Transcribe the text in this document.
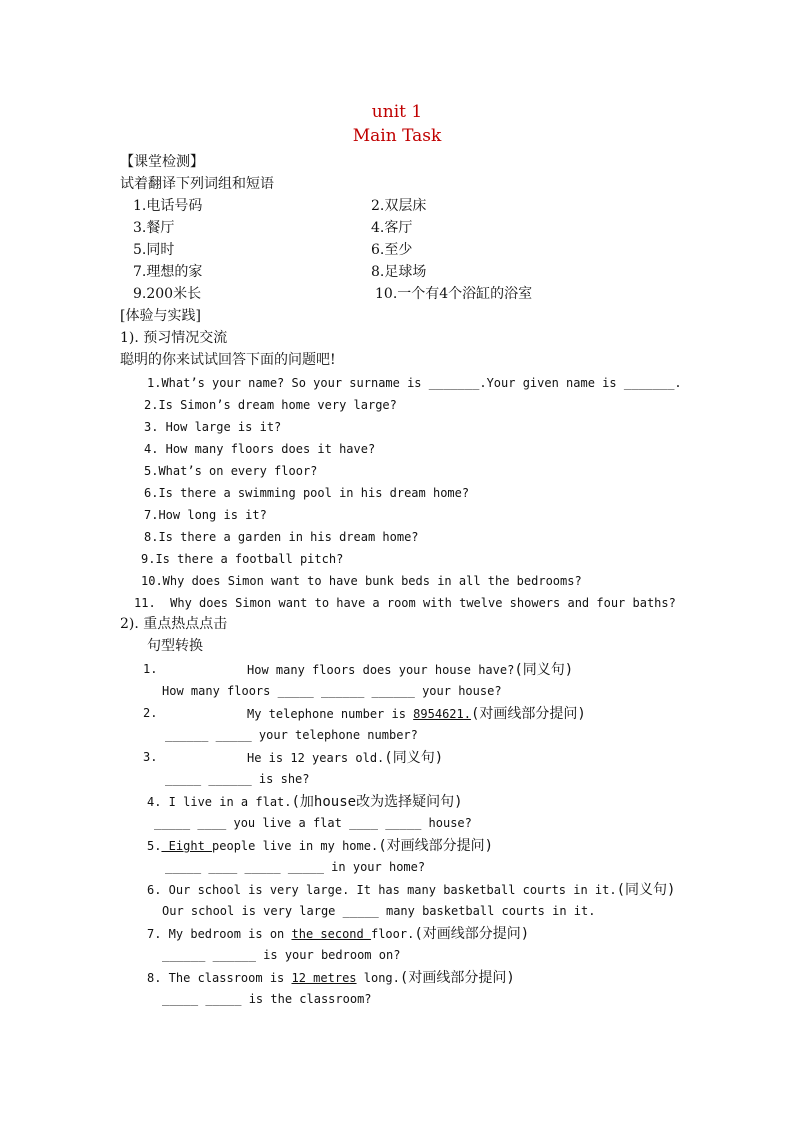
unit 1
Main Task
【课堂检测】
试着翻译下列词组和短语
1.电话号码	2.双层床
3.餐厅	4.客厅
5.同时	6.至少
7.理想的家	8.足球场
9.200米长	10.一个有4个浴缸的浴室
[体验与实践]
1). 预习情况交流
聪明的你来试试回答下面的问题吧!
1.What’s your name? So your surname is _______.Your given name is _______.
2.Is Simon’s dream home very large?
3. How large is it?
4. How many floors does it have?
5.What’s on every floor?
6.Is there a swimming pool in his dream home?
7.How long is it?
8.Is there a garden in his dream home?
9.Is there a football pitch?
10.Why does Simon want to have bunk beds in all the bedrooms?
11.  Why does Simon want to have a room with twelve showers and four baths?
2). 重点热点点击
句型转换
1.	How many floors does your house have?(同义句)
How many floors _____ ______ ______ your house?
2.	My telephone number is 8954621.(对画线部分提问)
______ _____ your telephone number?
3.	He is 12 years old.(同义句)
_____ ______ is she?
4. I live in a flat.(加house改为选择疑问句)
_____ ____ you live a flat ____ _____ house?
5. Eight people live in my home.(对画线部分提问)
_____ ____ _____ _____ in your home?
6. Our school is very large. It has many basketball courts in it.(同义句)
Our school is very large _____ many basketball courts in it.
7. My bedroom is on the second floor.(对画线部分提问)
______ ______ is your bedroom on?
8. The classroom is 12 metres long.(对画线部分提问)
_____ _____ is the classroom?
